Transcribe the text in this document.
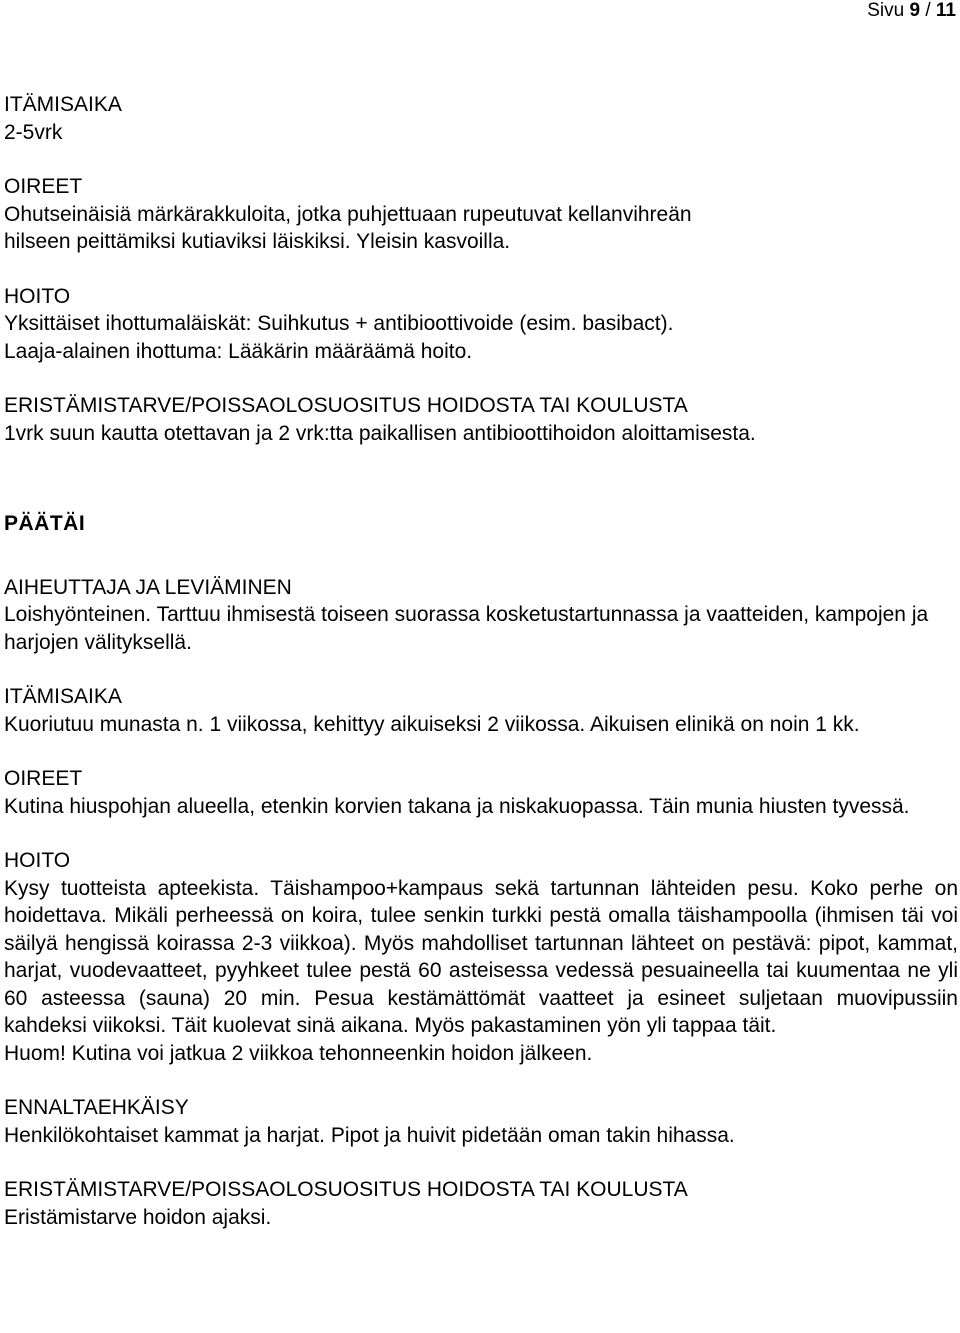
Sivu 9 / 11

ITÄMISAIKA
2-5vrk

OIREET
Ohutseinäisiä märkärakkuloita, jotka puhjettuaan rupeutuvat kellanvihreän
hilseen peittämiksi kutiaviksi läiskiksi. Yleisin kasvoilla.

HOITO
Yksittäiset ihottumaläiskät: Suihkutus + antibioottivoide (esim. basibact).
Laaja-alainen ihottuma: Lääkärin määräämä hoito.

ERISTÄMISTARVE/POISSAOLOSUOSITUS HOIDOSTA TAI KOULUSTA
1vrk suun kautta otettavan ja 2 vrk:tta paikallisen antibioottihoidon aloittamisesta.

PÄÄTÄI

AIHEUTTAJA JA LEVIÄMINEN
Loishyönteinen. Tarttuu ihmisestä toiseen suorassa kosketustartunnassa ja vaatteiden, kampojen ja harjojen välityksellä.

ITÄMISAIKA
Kuoriutuu munasta n. 1 viikossa, kehittyy aikuiseksi 2 viikossa. Aikuisen elinikä on noin 1 kk.

OIREET
Kutina hiuspohjan alueella, etenkin korvien takana ja niskakuopassa. Täin munia hiusten tyvessä.

HOITO
Kysy tuotteista apteekista. Täishampoo+kampaus sekä tartunnan lähteiden pesu. Koko perhe on hoidettava. Mikäli perheessä on koira, tulee senkin turkki pestä omalla täishampoolla (ihmisen täi voi säilyä hengissä koirassa 2-3 viikkoa). Myös mahdolliset tartunnan lähteet on pestävä: pipot, kammat, harjat, vuodevaatteet, pyyhkeet tulee pestä 60 asteisessa vedessä pesuaineella tai kuumentaa ne yli 60 asteessa (sauna) 20 min. Pesua kestämättömät vaatteet ja esineet suljetaan muovipussiin kahdeksi viikoksi. Täit kuolevat sinä aikana. Myös pakastaminen yön yli tappaa täit.
Huom! Kutina voi jatkua 2 viikkoa tehonneenkin hoidon jälkeen.

ENNALTAEHKÄISY
Henkilökohtaiset kammat ja harjat. Pipot ja huivit pidetään oman takin hihassa.

ERISTÄMISTARVE/POISSAOLOSUOSITUS HOIDOSTA TAI KOULUSTA
Eristämistarve hoidon ajaksi.
